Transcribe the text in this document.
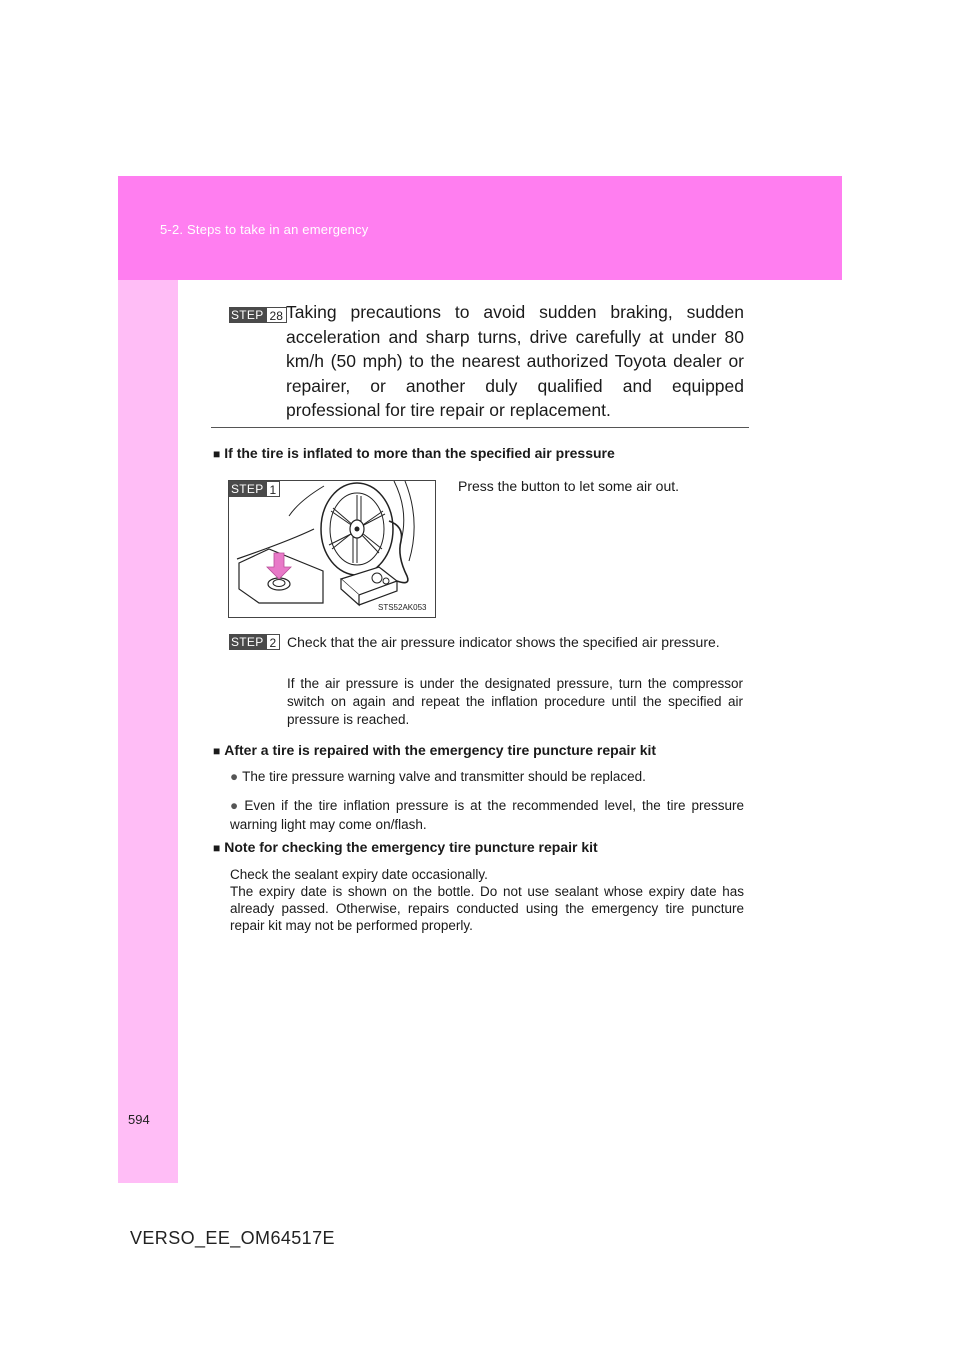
5-2. Steps to take in an emergency
STEP 28 Taking precautions to avoid sudden braking, sudden acceleration and sharp turns, drive carefully at under 80 km/h (50 mph) to the nearest authorized Toyota dealer or repairer, or another duly qualified and equipped professional for tire repair or replacement.
■ If the tire is inflated to more than the specified air pressure
STEP 1
STS52AK053
Press the button to let some air out.
STEP 2 Check that the air pressure indicator shows the specified air pressure.
If the air pressure is under the designated pressure, turn the compressor switch on again and repeat the inflation procedure until the specified air pressure is reached.
■ After a tire is repaired with the emergency tire puncture repair kit
● The tire pressure warning valve and transmitter should be replaced.
● Even if the tire inflation pressure is at the recommended level, the tire pressure warning light may come on/flash.
■ Note for checking the emergency tire puncture repair kit
Check the sealant expiry date occasionally.
The expiry date is shown on the bottle. Do not use sealant whose expiry date has already passed. Otherwise, repairs conducted using the emergency tire puncture repair kit may not be performed properly.
594
VERSO_EE_OM64517E
